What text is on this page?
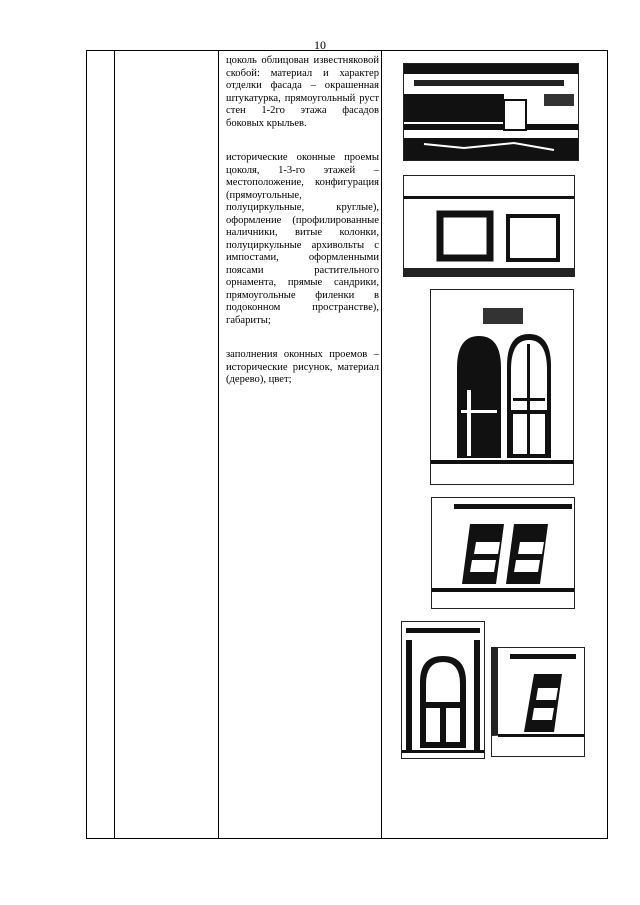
10

цоколь облицован известняковой скобой: материал и характер отделки фасада – окрашенная штукатурка, прямоугольный руст стен 1-2го этажа фасадов боковых крыльев.

исторические оконные проемы цоколя, 1-3-го этажей – местоположение, конфигурация (прямоугольные, полуциркульные, круглые), оформление (профилированные наличники, витые колонки, полуциркульные архивольты с импостами, оформленными поясами растительного орнамента, прямые сандрики, прямоугольные филенки в подоконном пространстве), габариты;

заполнения оконных проемов – исторические рисунок, материал (дерево), цвет;
